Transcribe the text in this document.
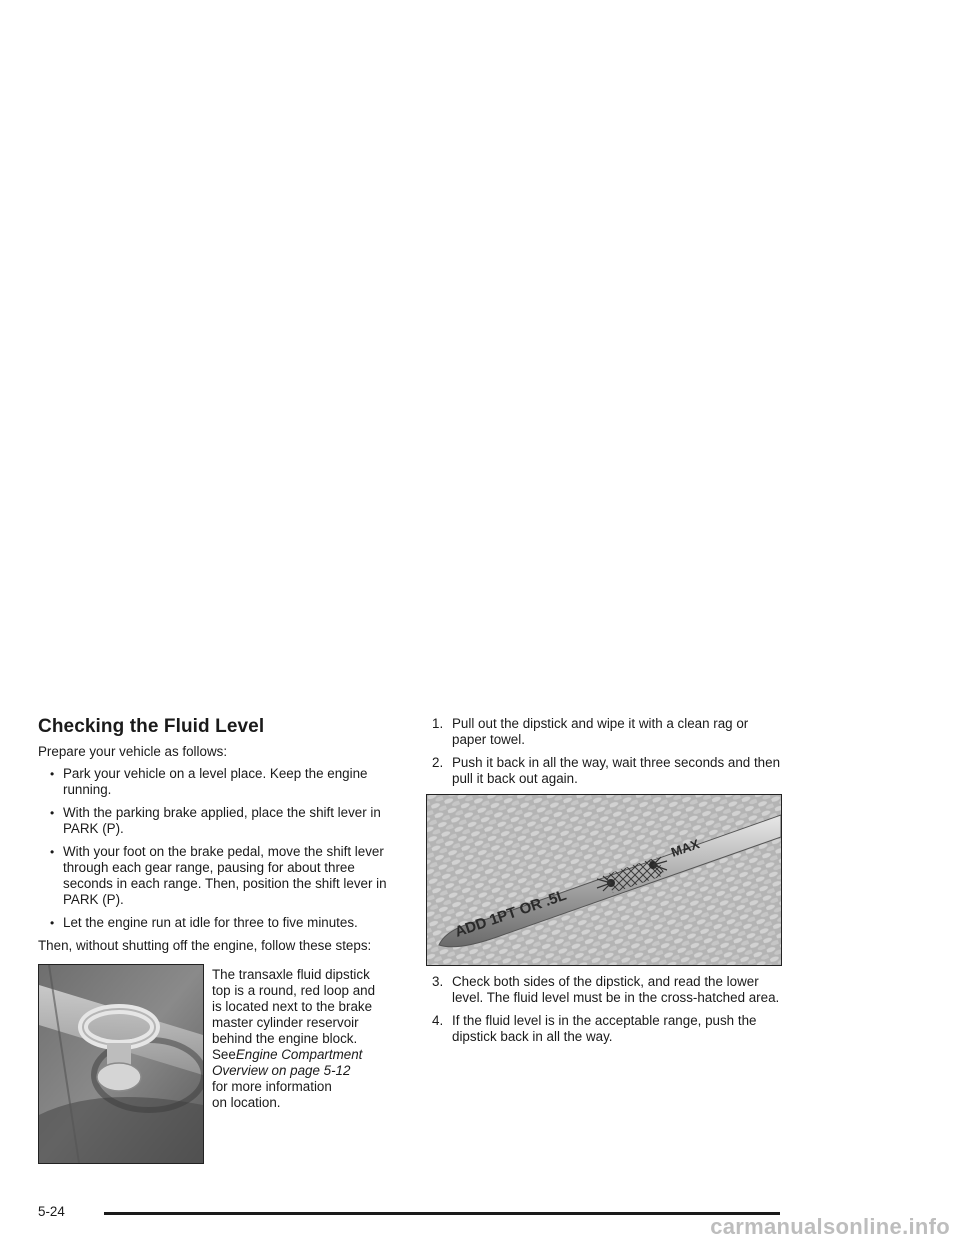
Checking the Fluid Level

Prepare your vehicle as follows:

• Park your vehicle on a level place. Keep the engine running.
• With the parking brake applied, place the shift lever in PARK (P).
• With your foot on the brake pedal, move the shift lever through each gear range, pausing for about three seconds in each range. Then, position the shift lever in PARK (P).
• Let the engine run at idle for three to five minutes.

Then, without shutting off the engine, follow these steps:

The transaxle fluid dipstick
top is a round, red loop and
is located next to the brake
master cylinder reservoir
behind the engine block.
SeeEngine Compartment
Overview on page 5-12
for more information
on location.
1. Pull out the dipstick and wipe it with a clean rag or paper towel.
2. Push it back in all the way, wait three seconds and then pull it back out again.
ADD 1PT OR .5L
MAX
3. Check both sides of the dipstick, and read the lower level. The fluid level must be in the cross-hatched area.
4. If the fluid level is in the acceptable range, push the dipstick back in all the way.
5-24
carmanualsonline.info
